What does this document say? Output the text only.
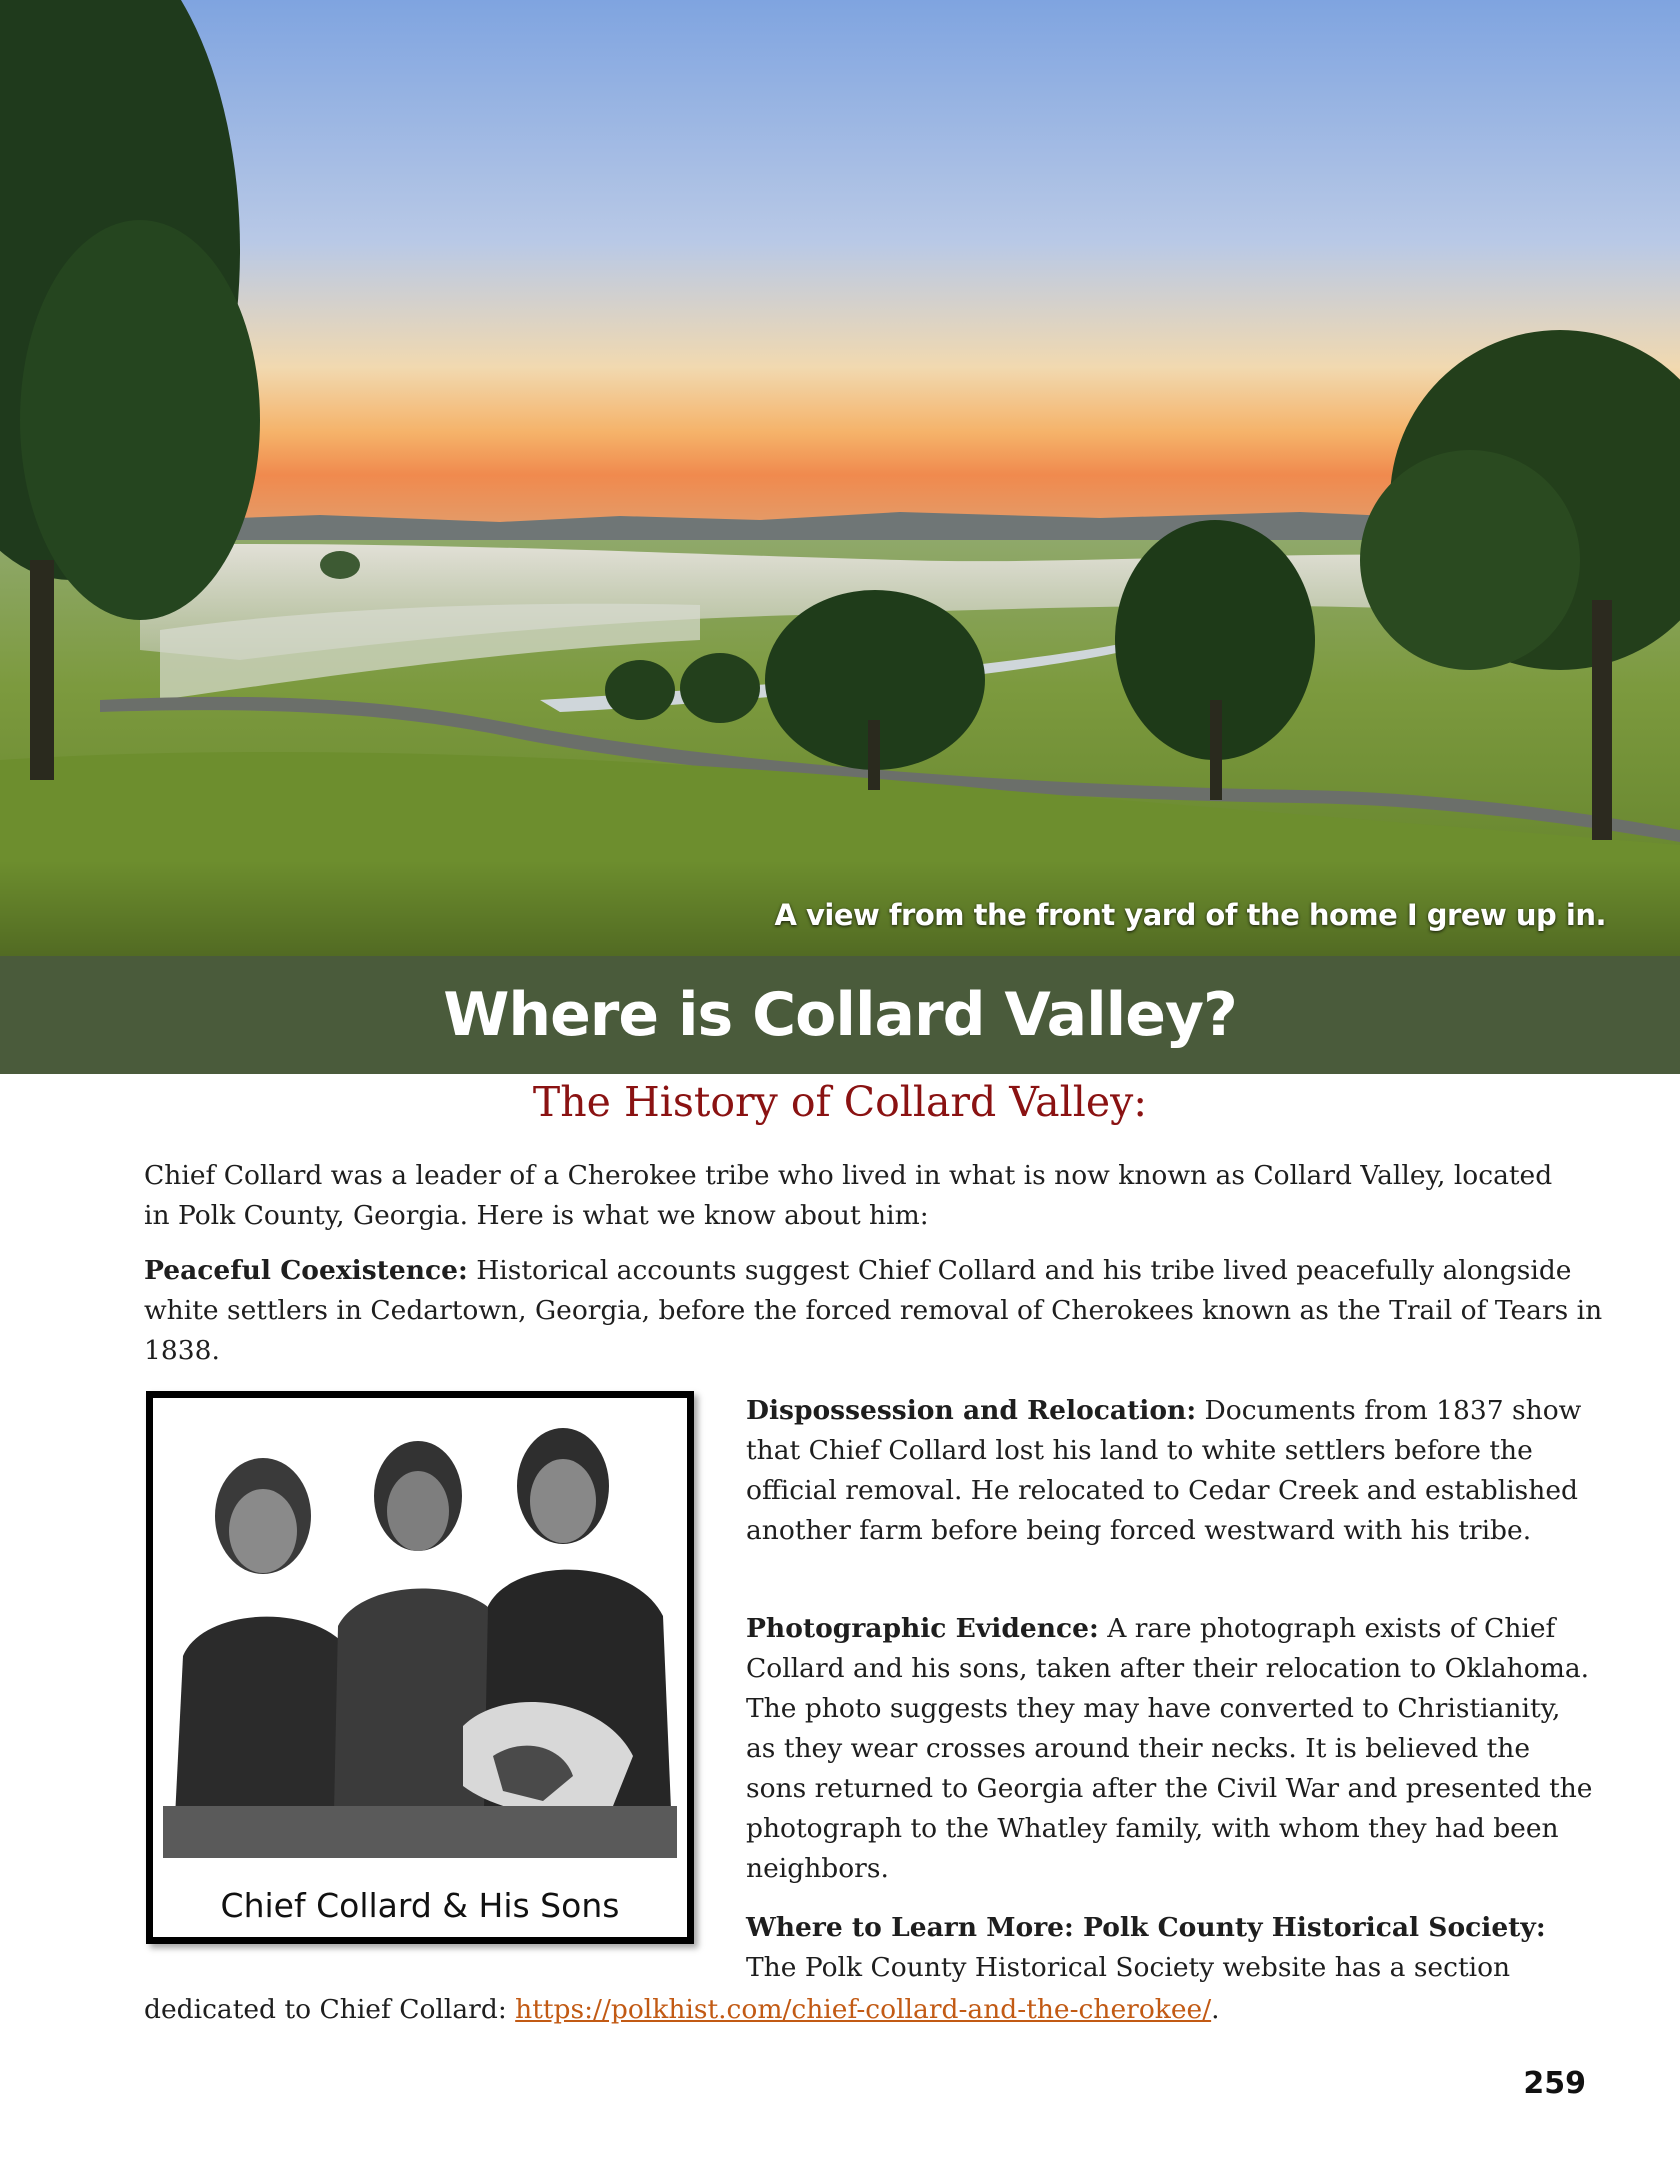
A view from the front yard of the home I grew up in.
Where is Collard Valley?
The History of Collard Valley:

Chief Collard was a leader of a Cherokee tribe who lived in what is now known as Collard Valley, located in Polk County, Georgia. Here is what we know about him:

Peaceful Coexistence: Historical accounts suggest Chief Collard and his tribe lived peacefully alongside white settlers in Cedartown, Georgia, before the forced removal of Cherokees known as the Trail of Tears in 1838.

Chief Collard & His Sons

Dispossession and Relocation: Documents from 1837 show that Chief Collard lost his land to white settlers before the official removal. He relocated to Cedar Creek and established another farm before being forced westward with his tribe.

Photographic Evidence: A rare photograph exists of Chief Collard and his sons, taken after their relocation to Oklahoma. The photo suggests they may have converted to Christianity, as they wear crosses around their necks. It is believed the sons returned to Georgia after the Civil War and presented the photograph to the Whatley family, with whom they had been neighbors.

Where to Learn More: Polk County Historical Society: The Polk County Historical Society website has a section

dedicated to Chief Collard: https://polkhist.com/chief-collard-and-the-cherokee/.

259
